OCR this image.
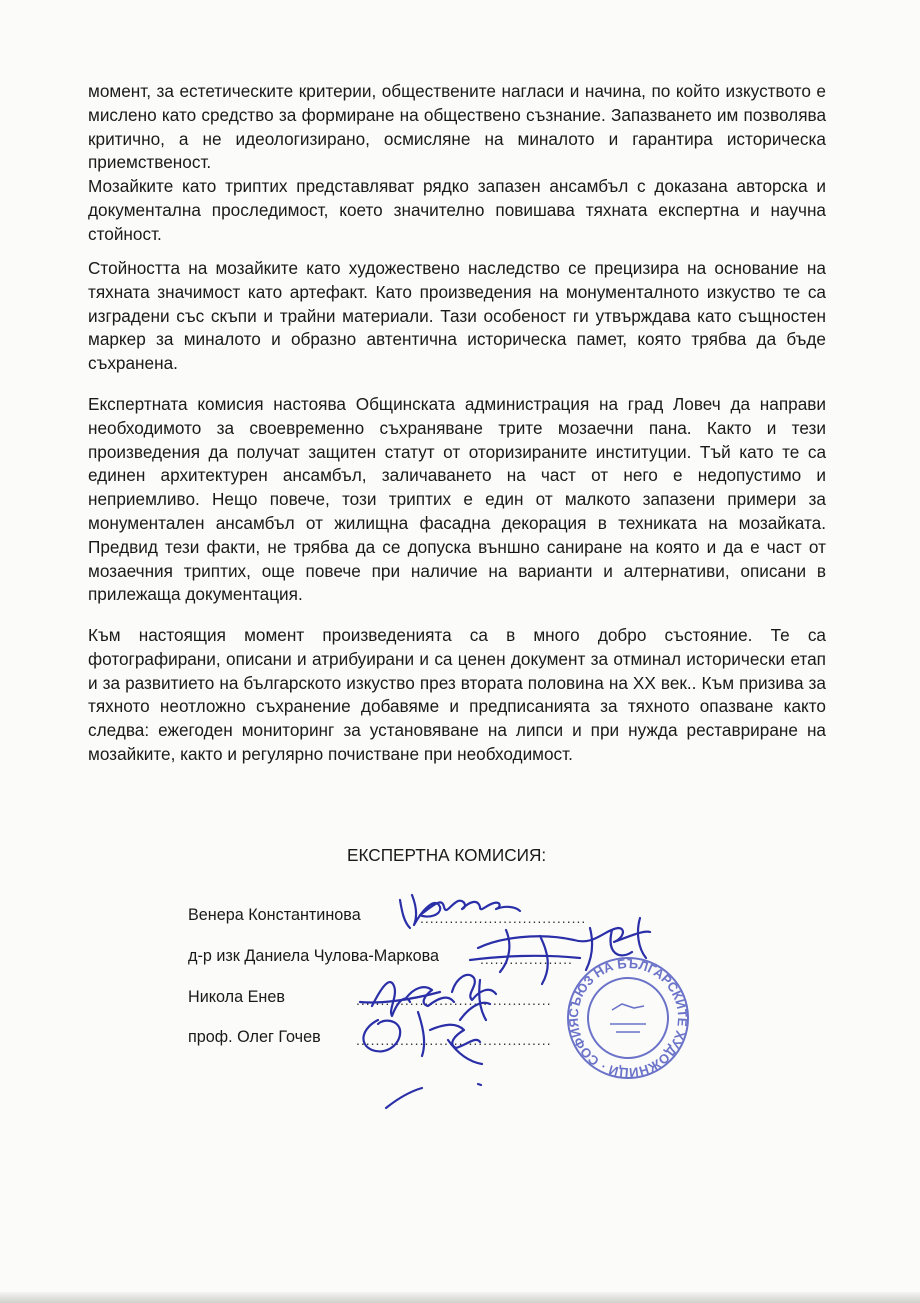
момент, за естетическите критерии, обществените нагласи и начина, по който изкуството е мислено като средство за формиране на обществено съзнание. Запазването им позволява критично, а не идеологизирано, осмисляне на миналото и гарантира историческа приемственост.

Мозайките като триптих представляват рядко запазен ансамбъл с доказана авторска и документална проследимост, което значително повишава тяхната експертна и научна стойност.

Стойността на мозайките като художествено наследство се прецизира на основание на тяхната значимост като артефакт. Като произведения на монументалното изкуство те са изградени със скъпи и трайни материали. Тази особеност ги утвърждава като същностен маркер за миналото и образно автентична историческа памет, която трябва да бъде съхранена.

Експертната комисия настоява Общинската администрация на град Ловеч да направи необходимото за своевременно съхраняване трите мозаечни пана. Както и тези произведения да получат защитен статут от оторизираните институции. Тъй като те са единен архитектурен ансамбъл, заличаването на част от него е недопустимо и неприемливо. Нещо повече, този триптих е един от малкото запазени примери за монументален ансамбъл от жилищна фасадна декорация в техниката на мозайката. Предвид тези факти, не трябва да се допуска външно саниране на която и да е част от мозаечния триптих, още повече при наличие на варианти и алтернативи, описани в прилежаща документация.

Към настоящия момент произведенията са в много добро състояние. Те са фотографирани, описани и атрибуирани и са ценен документ за отминал исторически етап и за развитието на българското изкуство през втората половина на XX век.. Към призива за тяхното неотложно съхранение добавяме и предписанията за тяхното опазване както следва: ежегоден мониторинг за установяване на липси и при нужда реставриране на мозайките, както и регулярно почистване при необходимост.

ЕКСПЕРТНА КОМИСИЯ:
Венера Константинова	..................................
д-р изк Даниела Чулова-Маркова	...................
Никола Енев	........................................
проф. Олег Гочев	........................................
СЪЮЗ НА БЪЛГАРСКИТЕ ХУДОЖНИЦИ · СОФИЯ
